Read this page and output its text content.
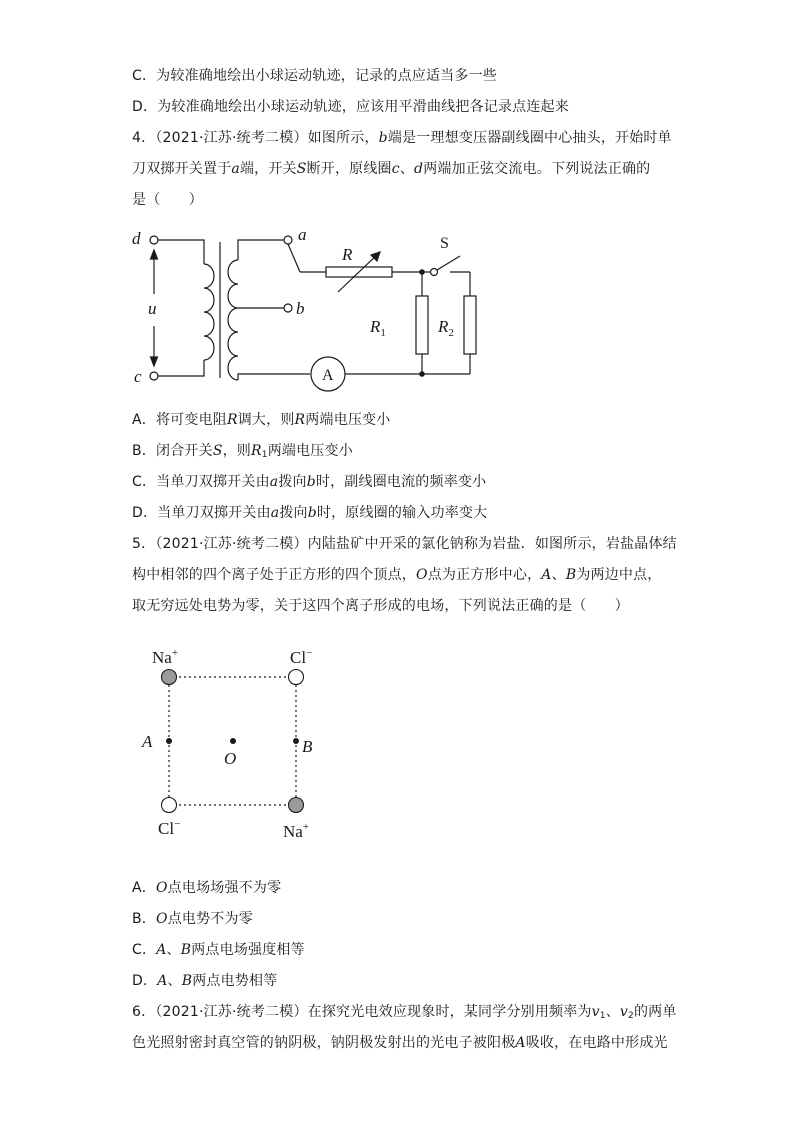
C．为较准确地绘出小球运动轨迹，记录的点应适当多一些
D．为较准确地绘出小球运动轨迹，应该用平滑曲线把各记录点连起来
4．（2021·江苏·统考二模）如图所示，b端是一理想变压器副线圈中心抽头，开始时单
刀双掷开关置于a端，开关S断开，原线圈c、d两端加正弦交流电。下列说法正确的
是（　　）
d
c
u
a
b
R
$R_1$	$R_2$
S
A
A．将可变电阻R调大，则R两端电压变小
B．闭合开关S，则$R_1$两端电压变小
C．当单刀双掷开关由a拨向b时，副线圈电流的频率变小
D．当单刀双掷开关由a拨向b时，原线圈的输入功率变大
5．（2021·江苏·统考二模）内陆盐矿中开采的氯化钠称为岩盐．如图所示，岩盐晶体结
构中相邻的四个离子处于正方形的四个顶点，O点为正方形中心，A、B为两边中点，
取无穷远处电势为零，关于这四个离子形成的电场，下列说法正确的是（　　）
Na+	Cl−
Cl−	Na+
A
O
B
A．O点电场场强不为零
B．O点电势不为零
C．A、B两点电场强度相等
D．A、B两点电势相等
6．（2021·江苏·统考二模）在探究光电效应现象时，某同学分别用频率为$v_1$、$v_2$的两单
色光照射密封真空管的钠阴极，钠阴极发射出的光电子被阳极A吸收，在电路中形成光
